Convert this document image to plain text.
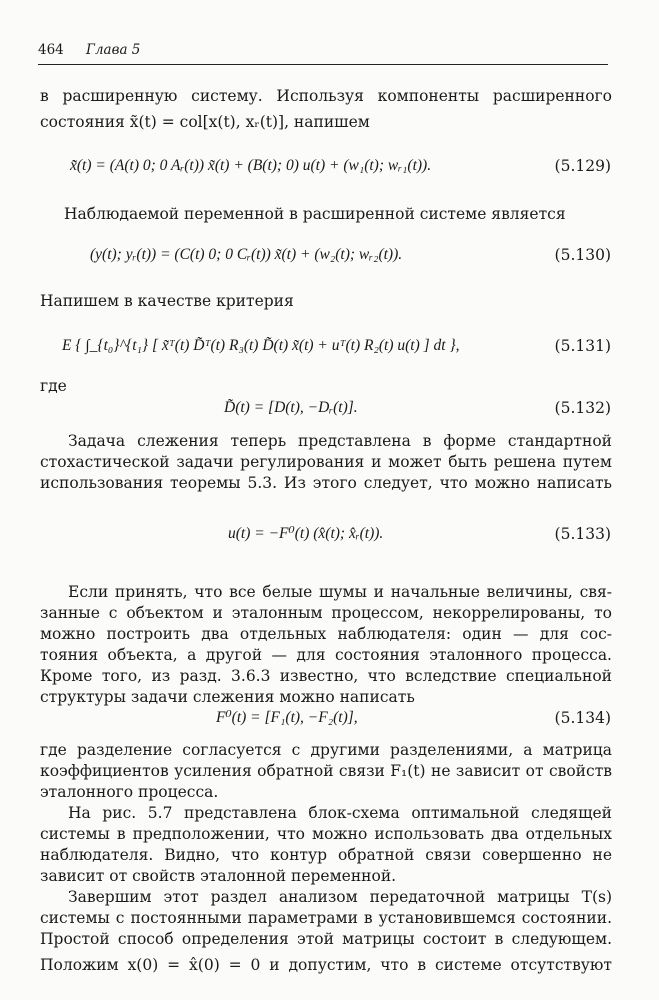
464 Глава 5
в расширенную систему. Используя компоненты расширенного
состояния x̃(t) = col[x(t), xᵣ(t)], напишем
x̃̇(t) = (A(t) 0; 0 Aᵣ(t)) x̃(t) + (B(t); 0) u(t) + (w₁(t); wᵣ₁(t)).	(5.129)
Наблюдаемой переменной в расширенной системе является
(y(t); yᵣ(t)) = (C(t) 0; 0 Cᵣ(t)) x̃(t) + (w₂(t); wᵣ₂(t)).	(5.130)
Напишем в качестве критерия
E { ∫_{t₀}^{t₁} [ x̃ᵀ(t) D̃ᵀ(t) R₃(t) D̃(t) x̃(t) + uᵀ(t) R₂(t) u(t) ] dt },	(5.131)
где
D̃(t) = [D(t), −Dᵣ(t)].	(5.132)
Задача слежения теперь представлена в форме стандартной
стохастической задачи регулирования и может быть решена путем
использования теоремы 5.3. Из этого следует, что можно написать
u(t) = −F⁰(t) (x̂(t); x̂ᵣ(t)).	(5.133)
Если принять, что все белые шумы и начальные величины, свя-
занные с объектом и эталонным процессом, некоррелированы, то
можно построить два отдельных наблюдателя: один — для сос-
тояния объекта, а другой — для состояния эталонного процесса.
Кроме того, из разд. 3.6.3 известно, что вследствие специальной
структуры задачи слежения можно написать
F⁰(t) = [F₁(t), −F₂(t)],	(5.134)
где разделение согласуется с другими разделениями, а матрица
коэффициентов усиления обратной связи F₁(t) не зависит от свойств
эталонного процесса.
На рис. 5.7 представлена блок-схема оптимальной следящей
системы в предположении, что можно использовать два отдельных
наблюдателя. Видно, что контур обратной связи совершенно не
зависит от свойств эталонной переменной.
Завершим этот раздел анализом передаточной матрицы T(s)
системы с постоянными параметрами в установившемся состоянии.
Простой способ определения этой матрицы состоит в следующем.
Положим x(0) = x̂(0) = 0 и допустим, что в системе отсутствуют
